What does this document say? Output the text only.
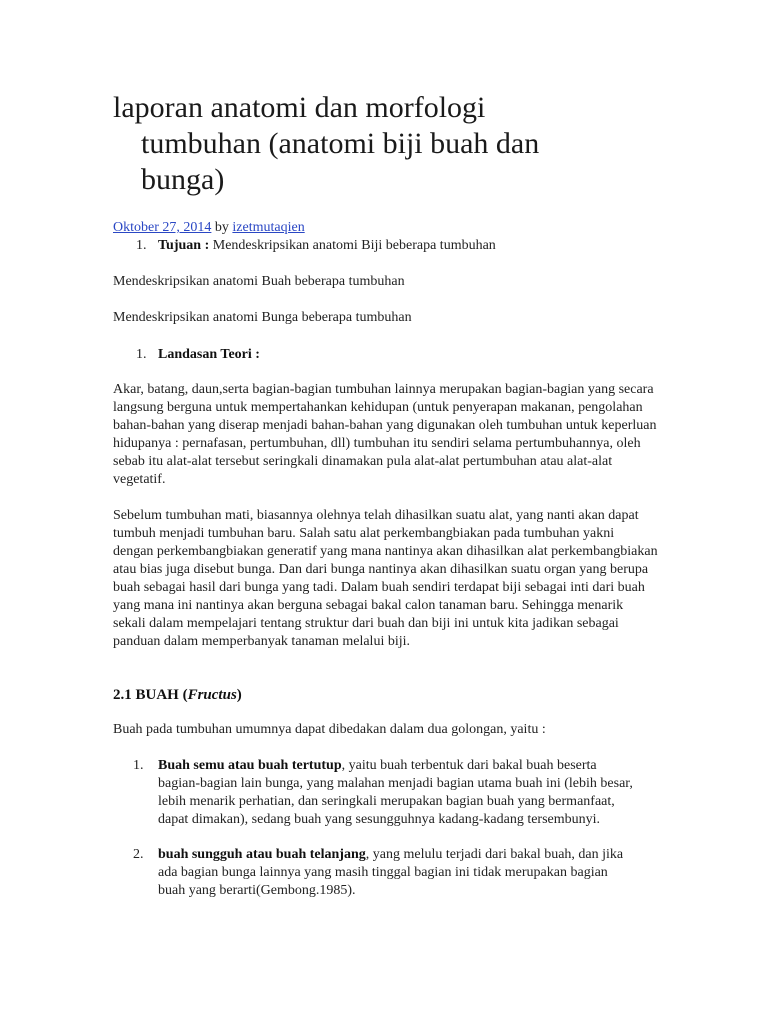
laporan anatomi dan morfologi tumbuhan (anatomi biji buah dan bunga)
Oktober 27, 2014 by izetmutaqien
1. Tujuan : Mendeskripsikan anatomi Biji beberapa tumbuhan

Mendeskripsikan anatomi Buah beberapa tumbuhan

Mendeskripsikan anatomi Bunga beberapa tumbuhan

1. Landasan Teori :

Akar, batang, daun,serta bagian-bagian tumbuhan lainnya merupakan bagian-bagian yang secara langsung berguna untuk mempertahankan kehidupan (untuk penyerapan makanan, pengolahan bahan-bahan yang diserap menjadi bahan-bahan yang digunakan oleh tumbuhan untuk keperluan hidupanya : pernafasan, pertumbuhan, dll) tumbuhan itu sendiri selama pertumbuhannya, oleh sebab itu alat-alat tersebut seringkali dinamakan pula alat-alat pertumbuhan atau alat-alat vegetatif.

Sebelum tumbuhan mati, biasannya olehnya telah dihasilkan suatu alat, yang nanti akan dapat tumbuh menjadi tumbuhan baru. Salah satu alat perkembangbiakan pada tumbuhan yakni dengan perkembangbiakan generatif yang mana nantinya akan dihasilkan alat perkembangbiakan atau bias juga disebut bunga. Dan dari bunga nantinya akan dihasilkan suatu organ yang berupa buah sebagai hasil dari bunga yang tadi. Dalam buah sendiri terdapat biji sebagai inti dari buah yang mana ini nantinya akan berguna sebagai bakal calon tanaman baru. Sehingga menarik sekali dalam mempelajari tentang struktur dari buah dan biji ini untuk kita jadikan sebagai panduan dalam memperbanyak tanaman melalui biji.

2.1 BUAH (Fructus)

Buah pada tumbuhan umumnya dapat dibedakan dalam dua golongan, yaitu :

1.	Buah semu atau buah tertutup, yaitu buah terbentuk dari bakal buah beserta bagian-bagian lain bunga, yang malahan menjadi bagian utama buah ini (lebih besar, lebih menarik perhatian, dan seringkali merupakan bagian buah yang bermanfaat, dapat dimakan), sedang buah yang sesungguhnya kadang-kadang tersembunyi.
2.	buah sungguh atau buah telanjang, yang melulu terjadi dari bakal buah, dan jika ada bagian bunga lainnya yang masih tinggal bagian ini tidak merupakan bagian buah yang berarti(Gembong.1985).
